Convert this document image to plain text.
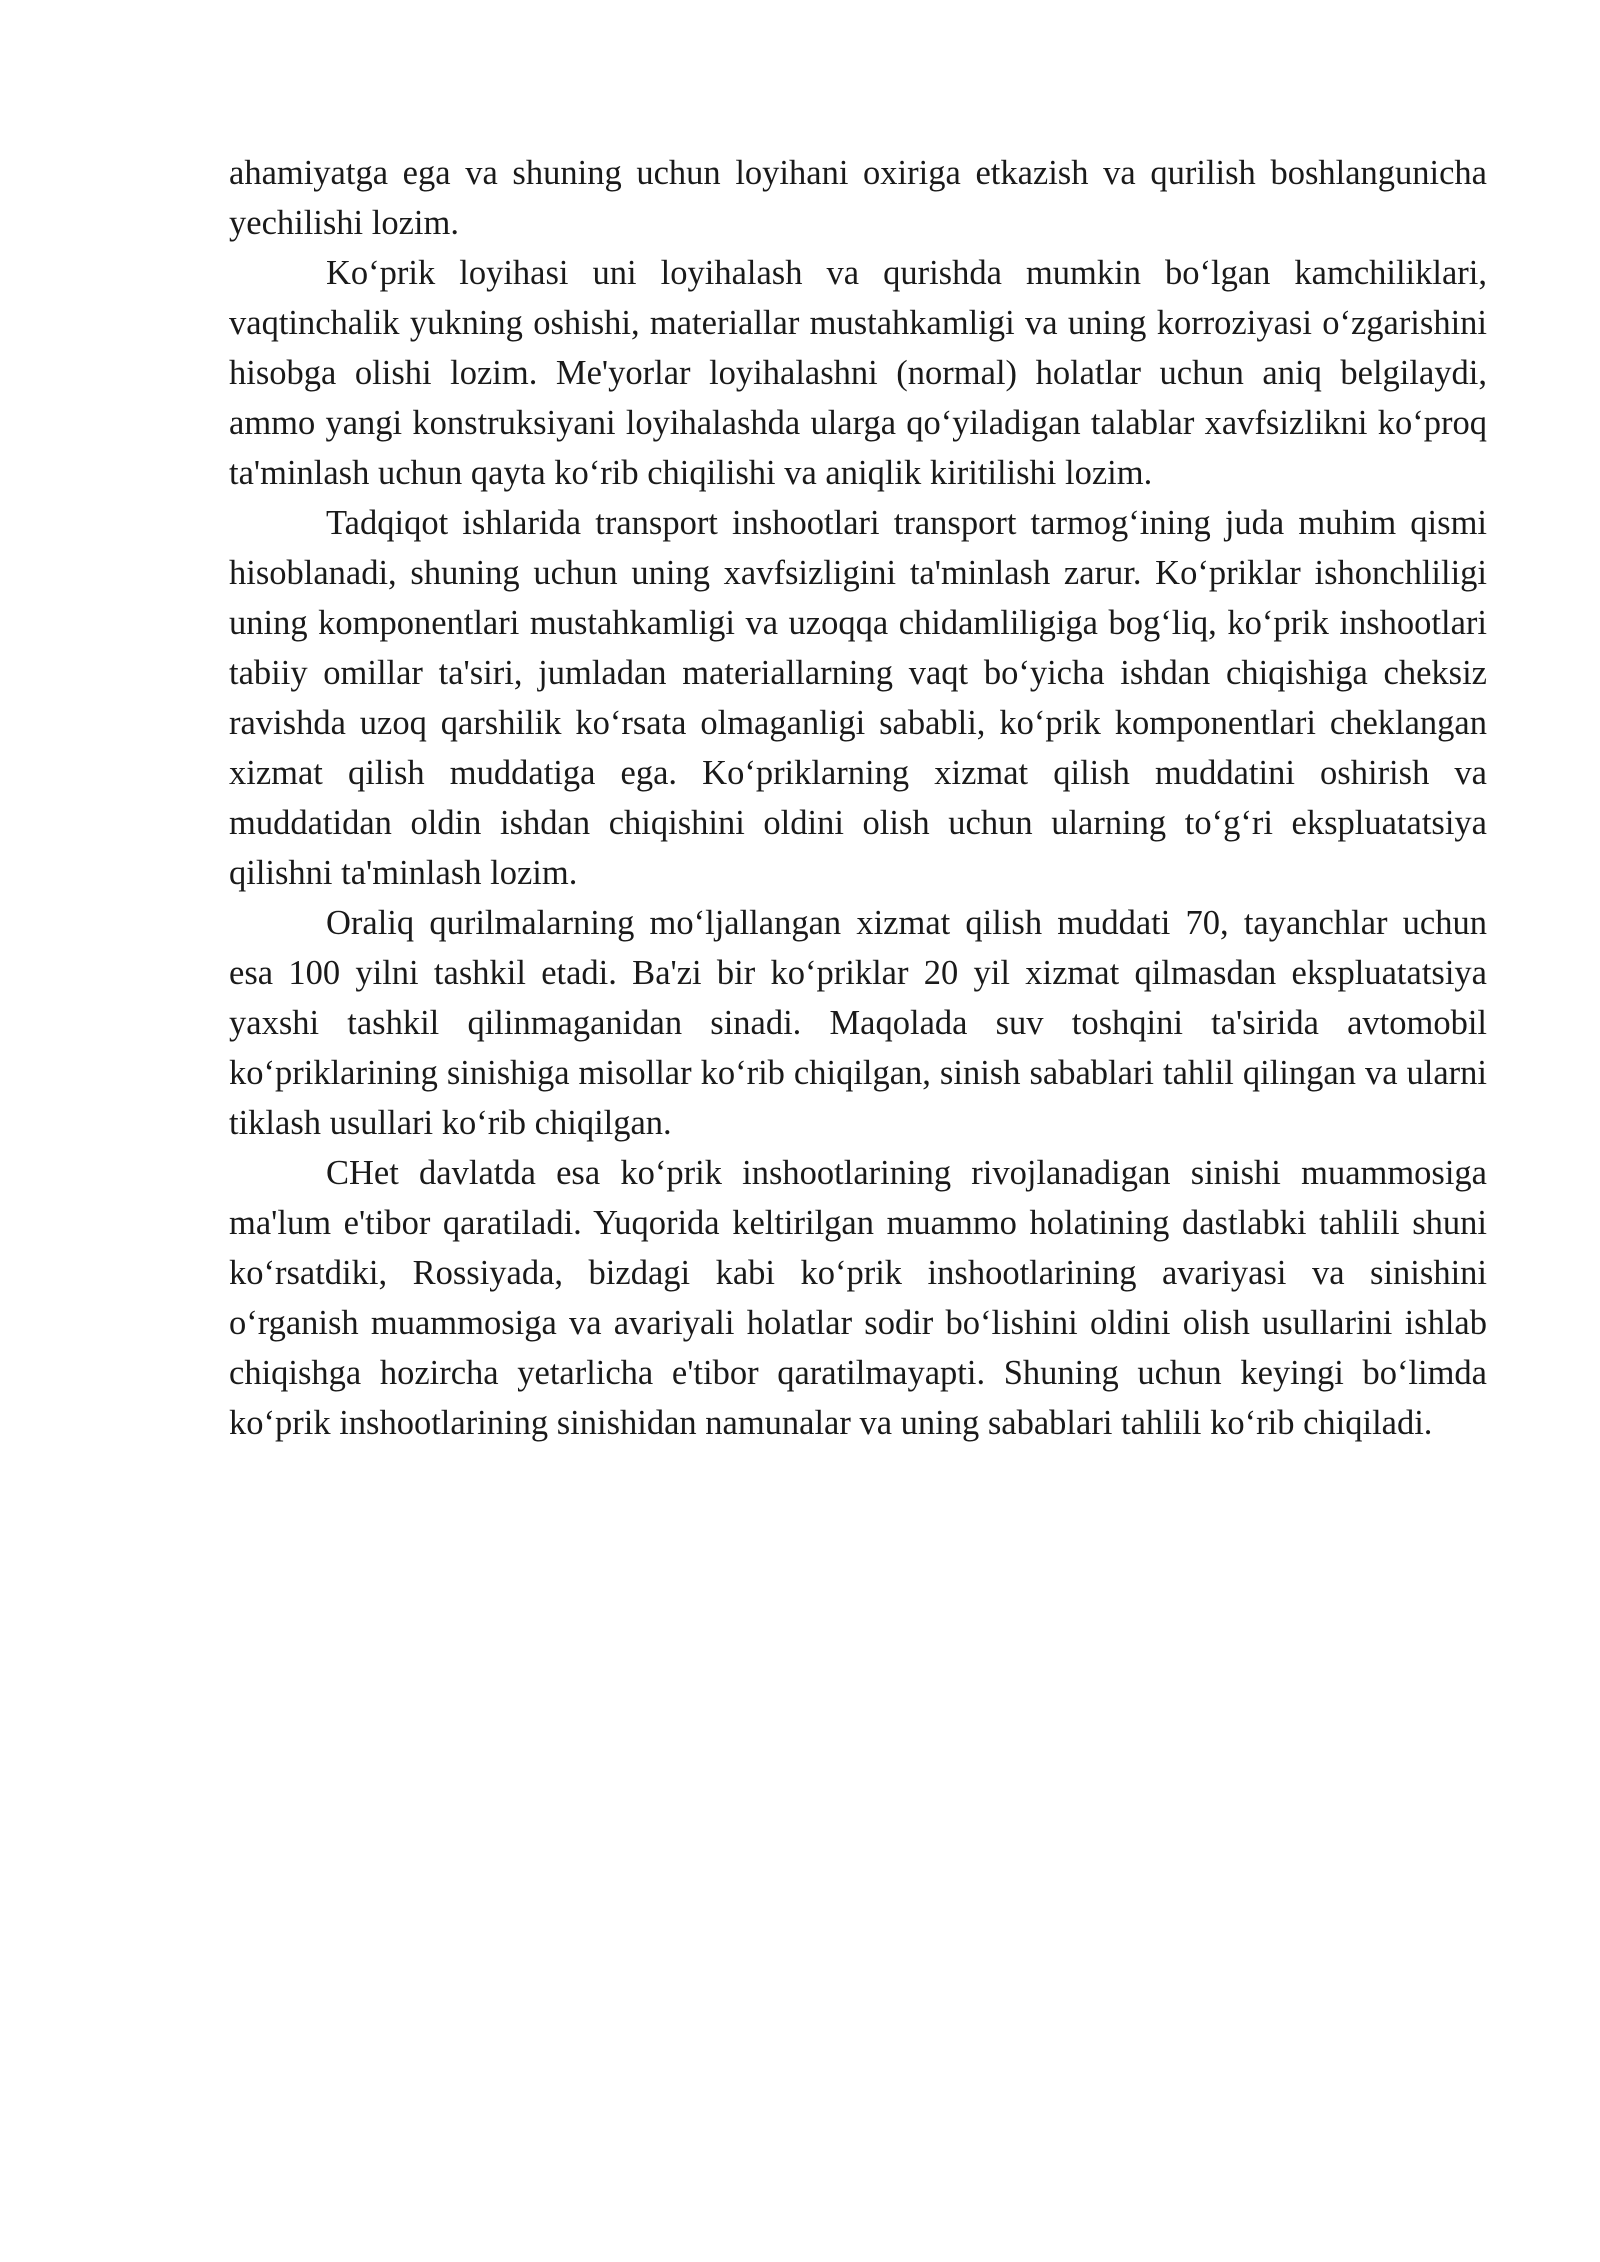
ahamiyatga ega va shuning uchun loyihani oxiriga etkazish va qurilish boshlangunicha yechilishi lozim.

Ko‘prik loyihasi uni loyihalash va qurishda mumkin bo‘lgan kamchiliklari, vaqtinchalik yukning oshishi, materiallar mustahkamligi va uning korroziyasi o‘zgarishini hisobga olishi lozim. Me'yorlar loyihalashni (normal) holatlar uchun aniq belgilaydi, ammo yangi konstruksiyani loyihalashda ularga qo‘yiladigan talablar xavfsizlikni ko‘proq ta'minlash uchun qayta ko‘rib chiqilishi va aniqlik kiritilishi lozim.

Tadqiqot ishlarida transport inshootlari transport tarmog‘ining juda muhim qismi hisoblanadi, shuning uchun uning xavfsizligini ta'minlash zarur. Ko‘priklar ishonchliligi uning komponentlari mustahkamligi va uzoqqa chidamliligiga bog‘liq, ko‘prik inshootlari tabiiy omillar ta'siri, jumladan materiallarning vaqt bo‘yicha ishdan chiqishiga cheksiz ravishda uzoq qarshilik ko‘rsata olmaganligi sababli, ko‘prik komponentlari cheklangan xizmat qilish muddatiga ega. Ko‘priklarning xizmat qilish muddatini oshirish va muddatidan oldin ishdan chiqishini oldini olish uchun ularning to‘g‘ri ekspluatatsiya qilishni ta'minlash lozim.

Oraliq qurilmalarning mo‘ljallangan xizmat qilish muddati 70, tayanchlar uchun esa 100 yilni tashkil etadi. Ba'zi bir ko‘priklar 20 yil xizmat qilmasdan ekspluatatsiya yaxshi tashkil qilinmaganidan sinadi. Maqolada suv toshqini ta'sirida avtomobil ko‘priklarining sinishiga misollar ko‘rib chiqilgan, sinish sabablari tahlil qilingan va ularni tiklash usullari ko‘rib chiqilgan.

CHet davlatda esa ko‘prik inshootlarining rivojlanadigan sinishi muammosiga ma'lum e'tibor qaratiladi. Yuqorida keltirilgan muammo holatining dastlabki tahlili shuni ko‘rsatdiki, Rossiyada, bizdagi kabi ko‘prik inshootlarining avariyasi va sinishini o‘rganish muammosiga va avariyali holatlar sodir bo‘lishini oldini olish usullarini ishlab chiqishga hozircha yetarlicha e'tibor qaratilmayapti. Shuning uchun keyingi bo‘limda ko‘prik inshootlarining sinishidan namunalar va uning sabablari tahlili ko‘rib chiqiladi.
